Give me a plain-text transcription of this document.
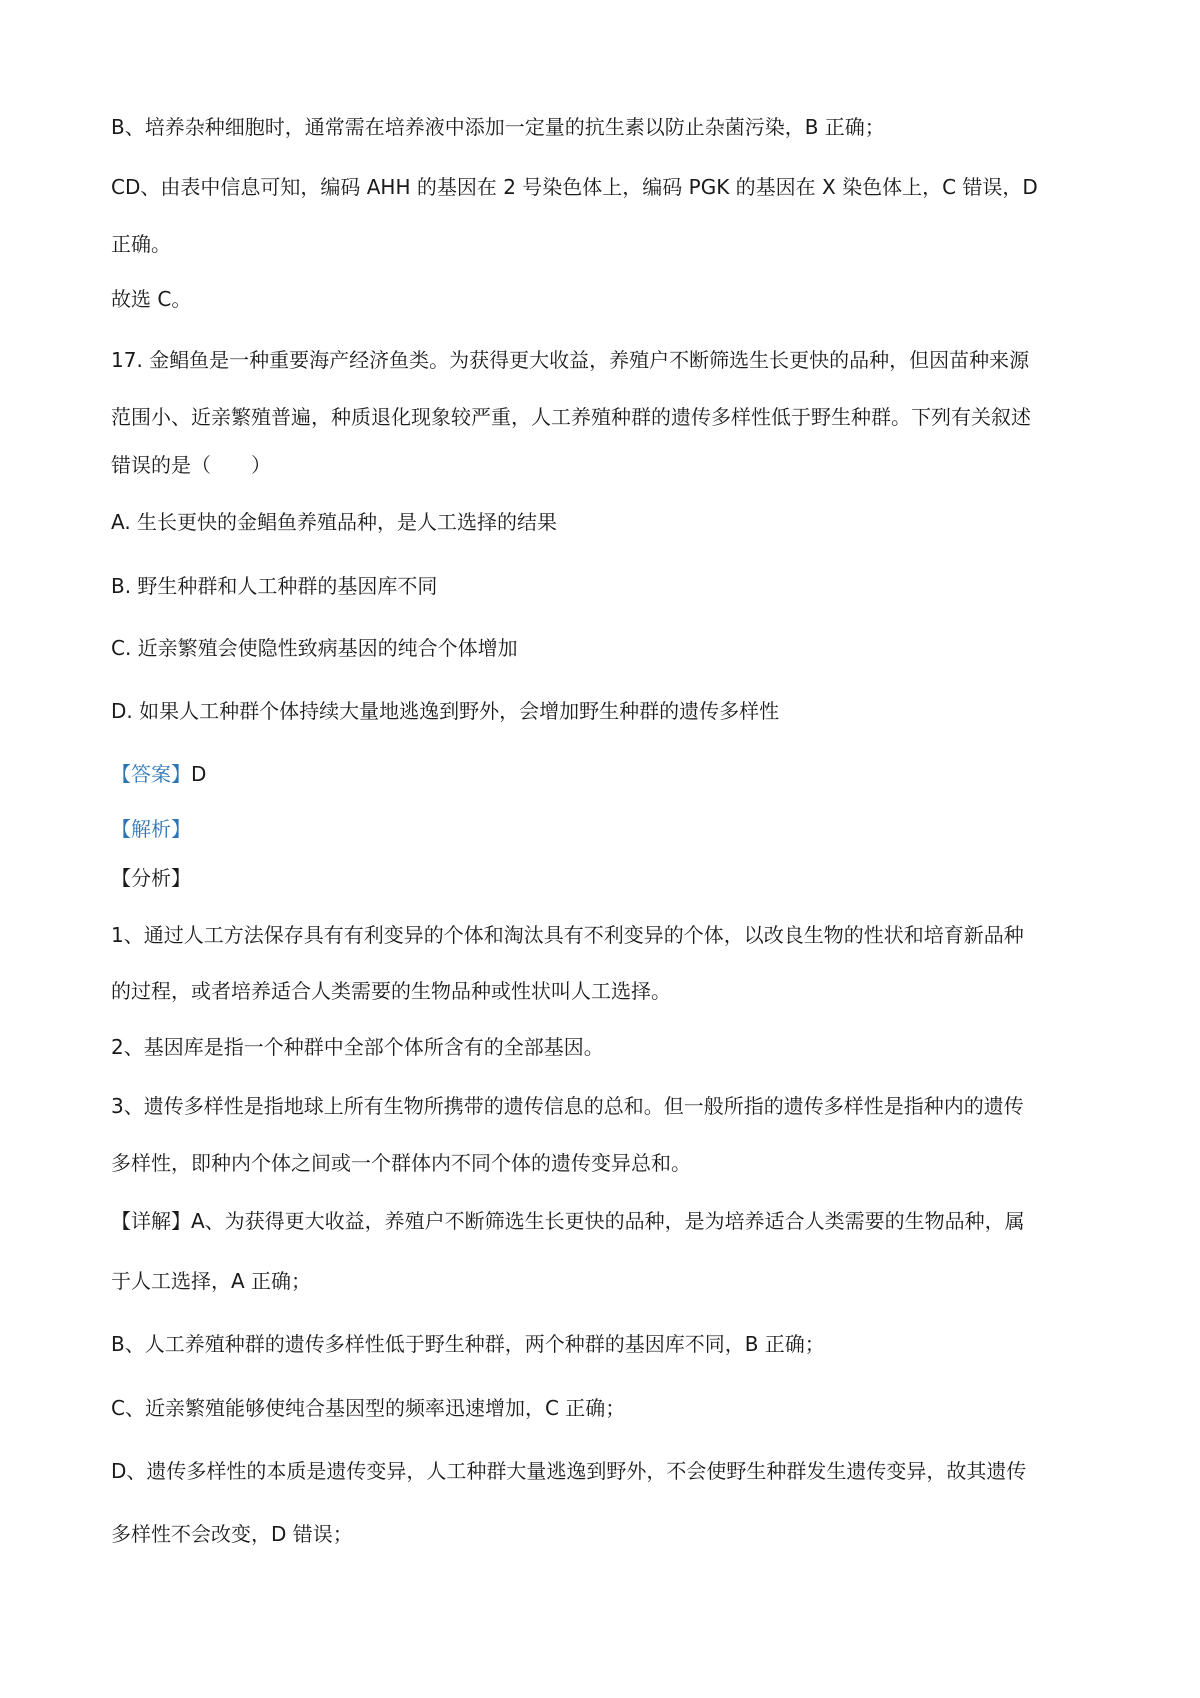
B、培养杂种细胞时，通常需在培养液中添加一定量的抗生素以防止杂菌污染，B 正确；
CD、由表中信息可知，编码 AHH 的基因在 2 号染色体上，编码 PGK 的基因在 X 染色体上，C 错误，D
正确。
故选 C。
17. 金鲳鱼是一种重要海产经济鱼类。为获得更大收益，养殖户不断筛选生长更快的品种，但因苗种来源
范围小、近亲繁殖普遍，种质退化现象较严重，人工养殖种群的遗传多样性低于野生种群。下列有关叙述
错误的是（　　）
A. 生长更快的金鲳鱼养殖品种，是人工选择的结果
B. 野生种群和人工种群的基因库不同
C. 近亲繁殖会使隐性致病基因的纯合个体增加
D. 如果人工种群个体持续大量地逃逸到野外，会增加野生种群的遗传多样性
【答案】D
【解析】
【分析】
1、通过人工方法保存具有有利变异的个体和淘汰具有不利变异的个体，以改良生物的性状和培育新品种
的过程，或者培养适合人类需要的生物品种或性状叫人工选择。
2、基因库是指一个种群中全部个体所含有的全部基因。
3、遗传多样性是指地球上所有生物所携带的遗传信息的总和。但一般所指的遗传多样性是指种内的遗传
多样性，即种内个体之间或一个群体内不同个体的遗传变异总和。
【详解】A、为获得更大收益，养殖户不断筛选生长更快的品种，是为培养适合人类需要的生物品种，属
于人工选择，A 正确；
B、人工养殖种群的遗传多样性低于野生种群，两个种群的基因库不同，B 正确；
C、近亲繁殖能够使纯合基因型的频率迅速增加，C 正确；
D、遗传多样性的本质是遗传变异，人工种群大量逃逸到野外，不会使野生种群发生遗传变异，故其遗传
多样性不会改变，D 错误；
